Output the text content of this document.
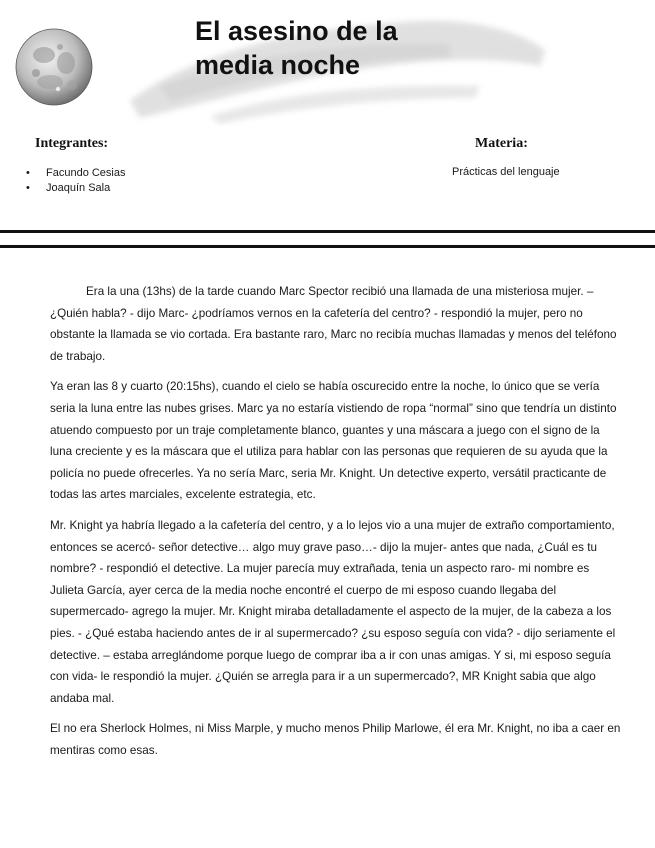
El asesino de la
media noche
Integrantes:
• Facundo Cesias
• Joaquín Sala
Materia:

Prácticas del lenguaje

Era la una (13hs) de la tarde cuando Marc Spector recibió una llamada de una misteriosa mujer. – ¿Quién habla? - dijo Marc- ¿podríamos vernos en la cafetería del centro? - respondió la mujer, pero no obstante la llamada se vio cortada. Era bastante raro, Marc no recibía muchas llamadas y menos del teléfono de trabajo.

Ya eran las 8 y cuarto (20:15hs), cuando el cielo se había oscurecido entre la noche, lo único que se vería seria la luna entre las nubes grises. Marc ya no estaría vistiendo de ropa “normal” sino que tendría un distinto atuendo compuesto por un traje completamente blanco, guantes y una máscara a juego con el signo de la luna creciente y es la máscara que el utiliza para hablar con las personas que requieren de su ayuda que la policía no puede ofrecerles. Ya no sería Marc, seria Mr. Knight. Un detective experto, versátil practicante de todas las artes marciales, excelente estrategia, etc.

Mr. Knight ya habría llegado a la cafetería del centro, y a lo lejos vio a una mujer de extraño comportamiento, entonces se acercó- señor detective… algo muy grave paso…- dijo la mujer- antes que nada, ¿Cuál es tu nombre? - respondió el detective. La mujer parecía muy extrañada, tenia un aspecto raro- mi nombre es Julieta García, ayer cerca de la media noche encontré el cuerpo de mi esposo cuando llegaba del supermercado- agrego la mujer. Mr. Knight miraba detalladamente el aspecto de la mujer, de la cabeza a los pies. - ¿Qué estaba haciendo antes de ir al supermercado? ¿su esposo seguía con vida? - dijo seriamente el detective. – estaba arreglándome porque luego de comprar iba a ir con unas amigas. Y si, mi esposo seguía con vida- le respondió la mujer. ¿Quién se arregla para ir a un supermercado?, MR Knight sabia que algo andaba mal.

El no era Sherlock Holmes, ni Miss Marple, y mucho menos Philip Marlowe, él era Mr. Knight, no iba a caer en mentiras como esas.
